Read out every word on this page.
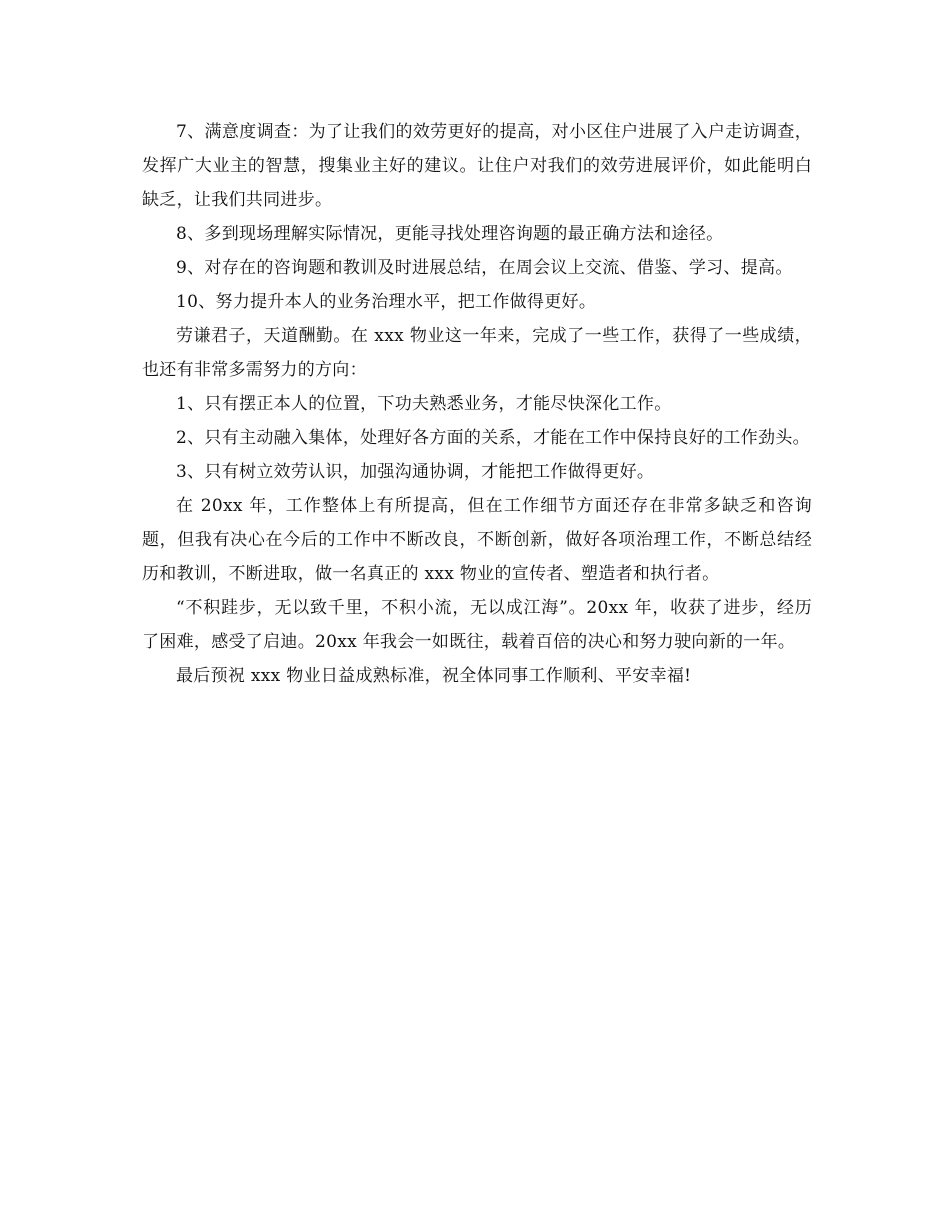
7、满意度调查：为了让我们的效劳更好的提高，对小区住户进展了入户走访调查，发挥广大业主的智慧，搜集业主好的建议。让住户对我们的效劳进展评价，如此能明白缺乏，让我们共同进步。

8、多到现场理解实际情况，更能寻找处理咨询题的最正确方法和途径。

9、对存在的咨询题和教训及时进展总结，在周会议上交流、借鉴、学习、提高。

10、努力提升本人的业务治理水平，把工作做得更好。

劳谦君子，天道酬勤。在 xxx 物业这一年来，完成了一些工作，获得了一些成绩，也还有非常多需努力的方向：

1、只有摆正本人的位置，下功夫熟悉业务，才能尽快深化工作。

2、只有主动融入集体，处理好各方面的关系，才能在工作中保持良好的工作劲头。

3、只有树立效劳认识，加强沟通协调，才能把工作做得更好。

在 20xx 年，工作整体上有所提高，但在工作细节方面还存在非常多缺乏和咨询题，但我有决心在今后的工作中不断改良，不断创新，做好各项治理工作，不断总结经历和教训，不断进取，做一名真正的 xxx 物业的宣传者、塑造者和执行者。

“不积跬步，无以致千里，不积小流，无以成江海”。20xx 年，收获了进步，经历了困难，感受了启迪。20xx 年我会一如既往，载着百倍的决心和努力驶向新的一年。

最后预祝 xxx 物业日益成熟标准，祝全体同事工作顺利、平安幸福!
